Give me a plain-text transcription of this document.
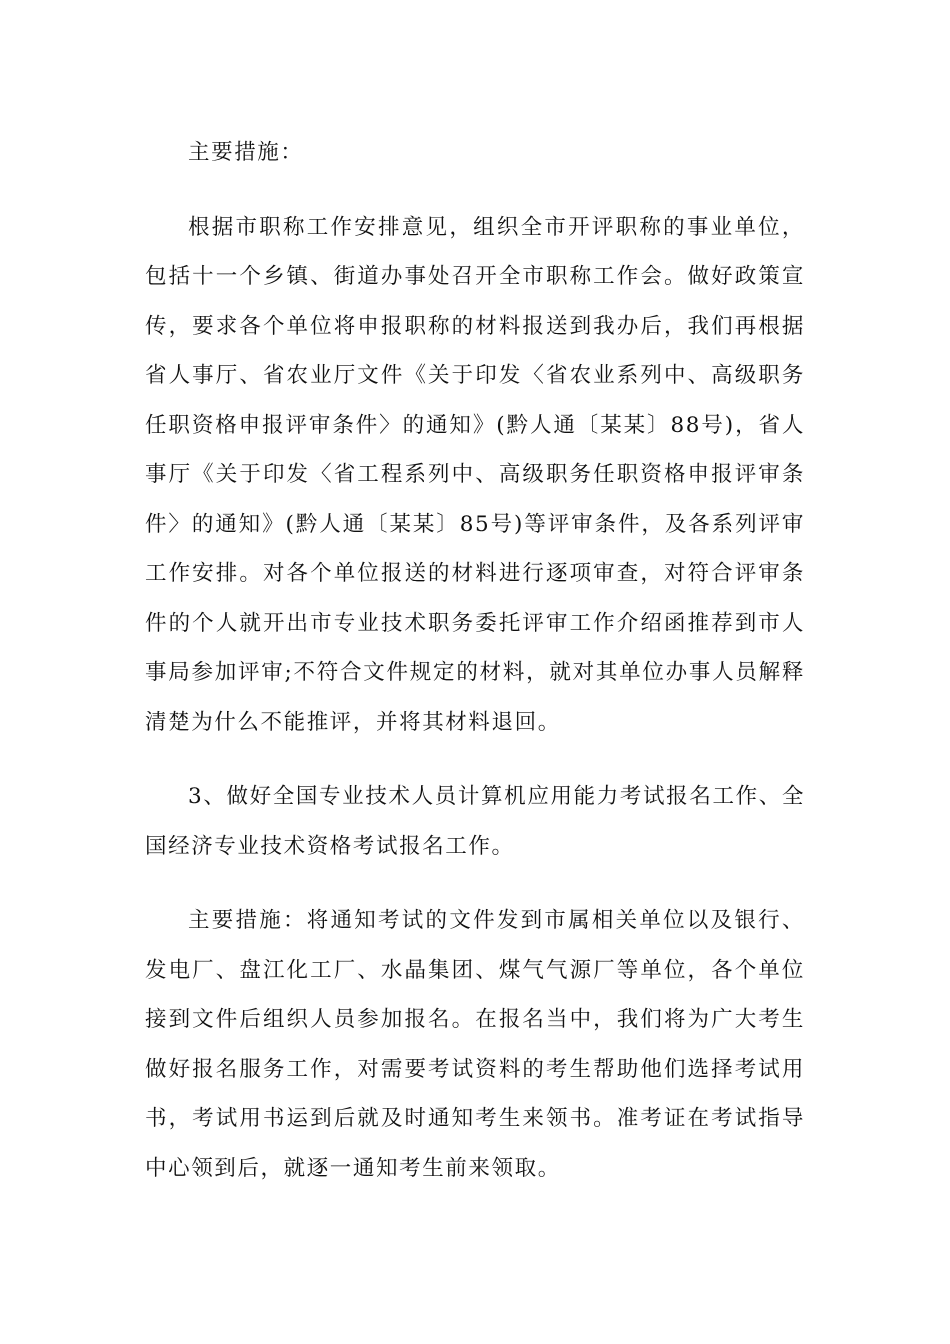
主要措施：

根据市职称工作安排意见，组织全市开评职称的事业单位，包括十一个乡镇、街道办事处召开全市职称工作会。做好政策宣传，要求各个单位将申报职称的材料报送到我办后，我们再根据省人事厅、省农业厅文件《关于印发〈省农业系列中、高级职务任职资格申报评审条件〉的通知》(黔人通〔某某〕88号)，省人事厅《关于印发〈省工程系列中、高级职务任职资格申报评审条件〉的通知》(黔人通〔某某〕85号)等评审条件，及各系列评审工作安排。对各个单位报送的材料进行逐项审查，对符合评审条件的个人就开出市专业技术职务委托评审工作介绍函推荐到市人事局参加评审;不符合文件规定的材料，就对其单位办事人员解释清楚为什么不能推评，并将其材料退回。

3、做好全国专业技术人员计算机应用能力考试报名工作、全国经济专业技术资格考试报名工作。

主要措施：将通知考试的文件发到市属相关单位以及银行、发电厂、盘江化工厂、水晶集团、煤气气源厂等单位，各个单位接到文件后组织人员参加报名。在报名当中，我们将为广大考生做好报名服务工作，对需要考试资料的考生帮助他们选择考试用书，考试用书运到后就及时通知考生来领书。准考证在考试指导中心领到后，就逐一通知考生前来领取。
